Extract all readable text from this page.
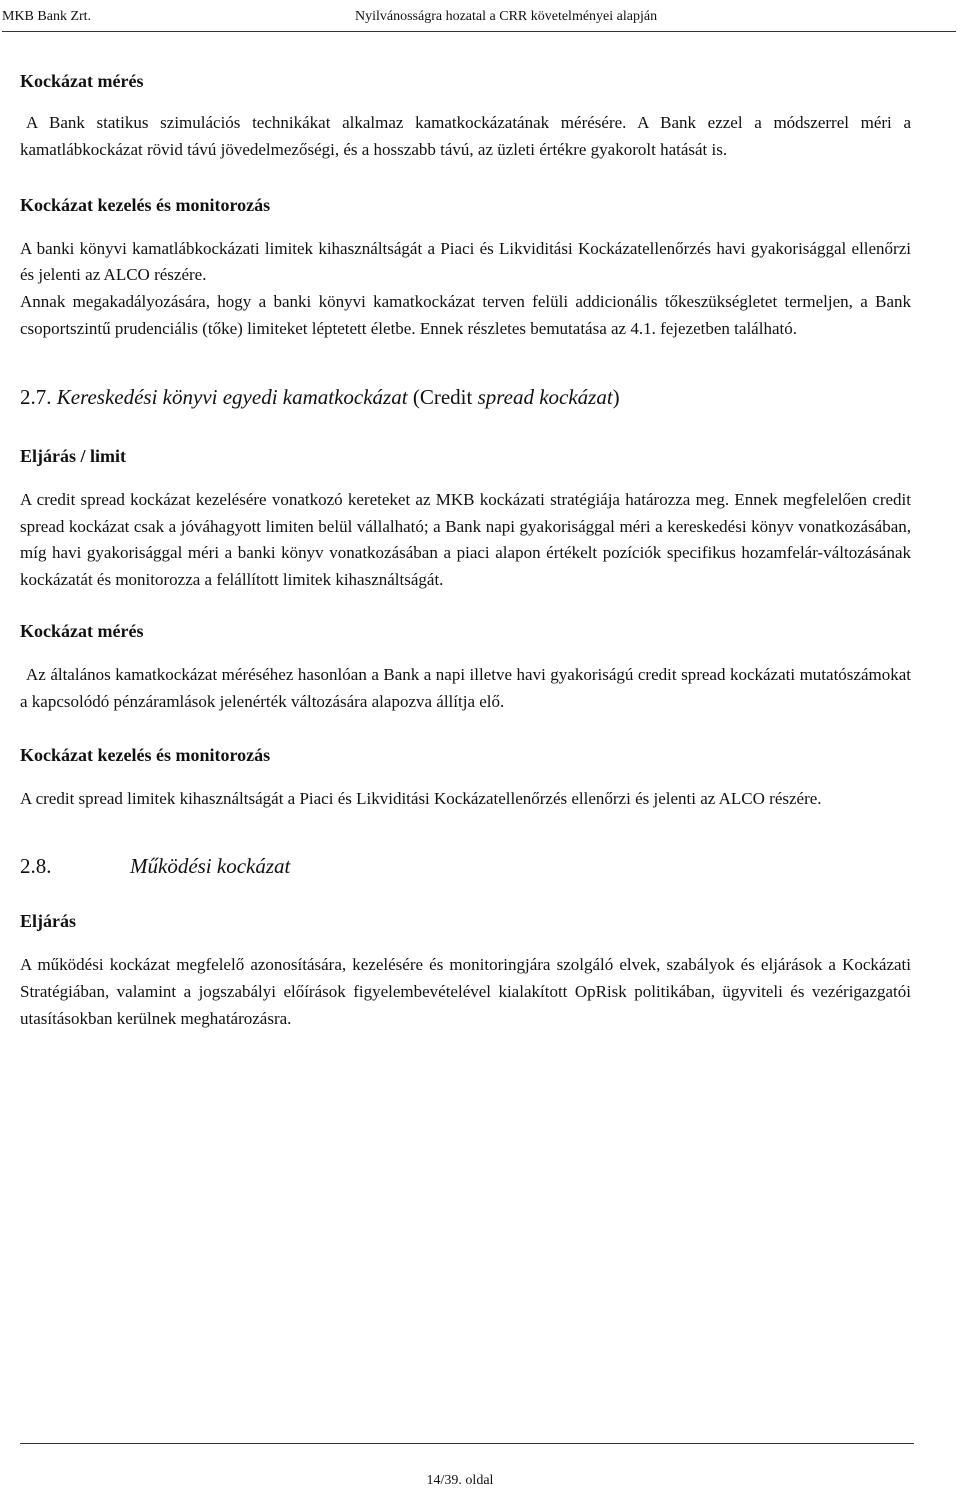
MKB Bank Zrt.	Nyilvánosságra hozatal a CRR követelményei alapján

Kockázat mérés

A Bank statikus szimulációs technikákat alkalmaz kamatkockázatának mérésére. A Bank ezzel a módszerrel méri a kamatlábkockázat rövid távú jövedelmezőségi, és a hosszabb távú, az üzleti értékre gyakorolt hatását is.

Kockázat kezelés és monitorozás

A banki könyvi kamatlábkockázati limitek kihasználtságát a Piaci és Likviditási Kockázatellenőrzés havi gyakorisággal ellenőrzi és jelenti az ALCO részére.

Annak megakadályozására, hogy a banki könyvi kamatkockázat terven felüli addicionális tőkeszükségletet termeljen, a Bank csoportszintű prudenciális (tőke) limiteket léptetett életbe. Ennek részletes bemutatása az 4.1. fejezetben található.

2.7. Kereskedési könyvi egyedi kamatkockázat (Credit spread kockázat)

Eljárás / limit

A credit spread kockázat kezelésére vonatkozó kereteket az MKB kockázati stratégiája határozza meg. Ennek megfelelően credit spread kockázat csak a jóváhagyott limiten belül vállalható; a Bank napi gyakorisággal méri a kereskedési könyv vonatkozásában, míg havi gyakorisággal méri a banki könyv vonatkozásában a piaci alapon értékelt pozíciók specifikus hozamfelár-változásának kockázatát és monitorozza a felállított limitek kihasználtságát.

Kockázat mérés

Az általános kamatkockázat méréséhez hasonlóan a Bank a napi illetve havi gyakoriságú credit spread kockázati mutatószámokat a kapcsolódó pénzáramlások jelenérték változására alapozva állítja elő.

Kockázat kezelés és monitorozás

A credit spread limitek kihasználtságát a Piaci és Likviditási Kockázatellenőrzés ellenőrzi és jelenti az ALCO részére.

2.8.	Működési kockázat

Eljárás

A működési kockázat megfelelő azonosítására, kezelésére és monitoringjára szolgáló elvek, szabályok és eljárások a Kockázati Stratégiában, valamint a jogszabályi előírások figyelembevételével kialakított OpRisk politikában, ügyviteli és vezérigazgatói utasításokban kerülnek meghatározásra.

14/39. oldal
